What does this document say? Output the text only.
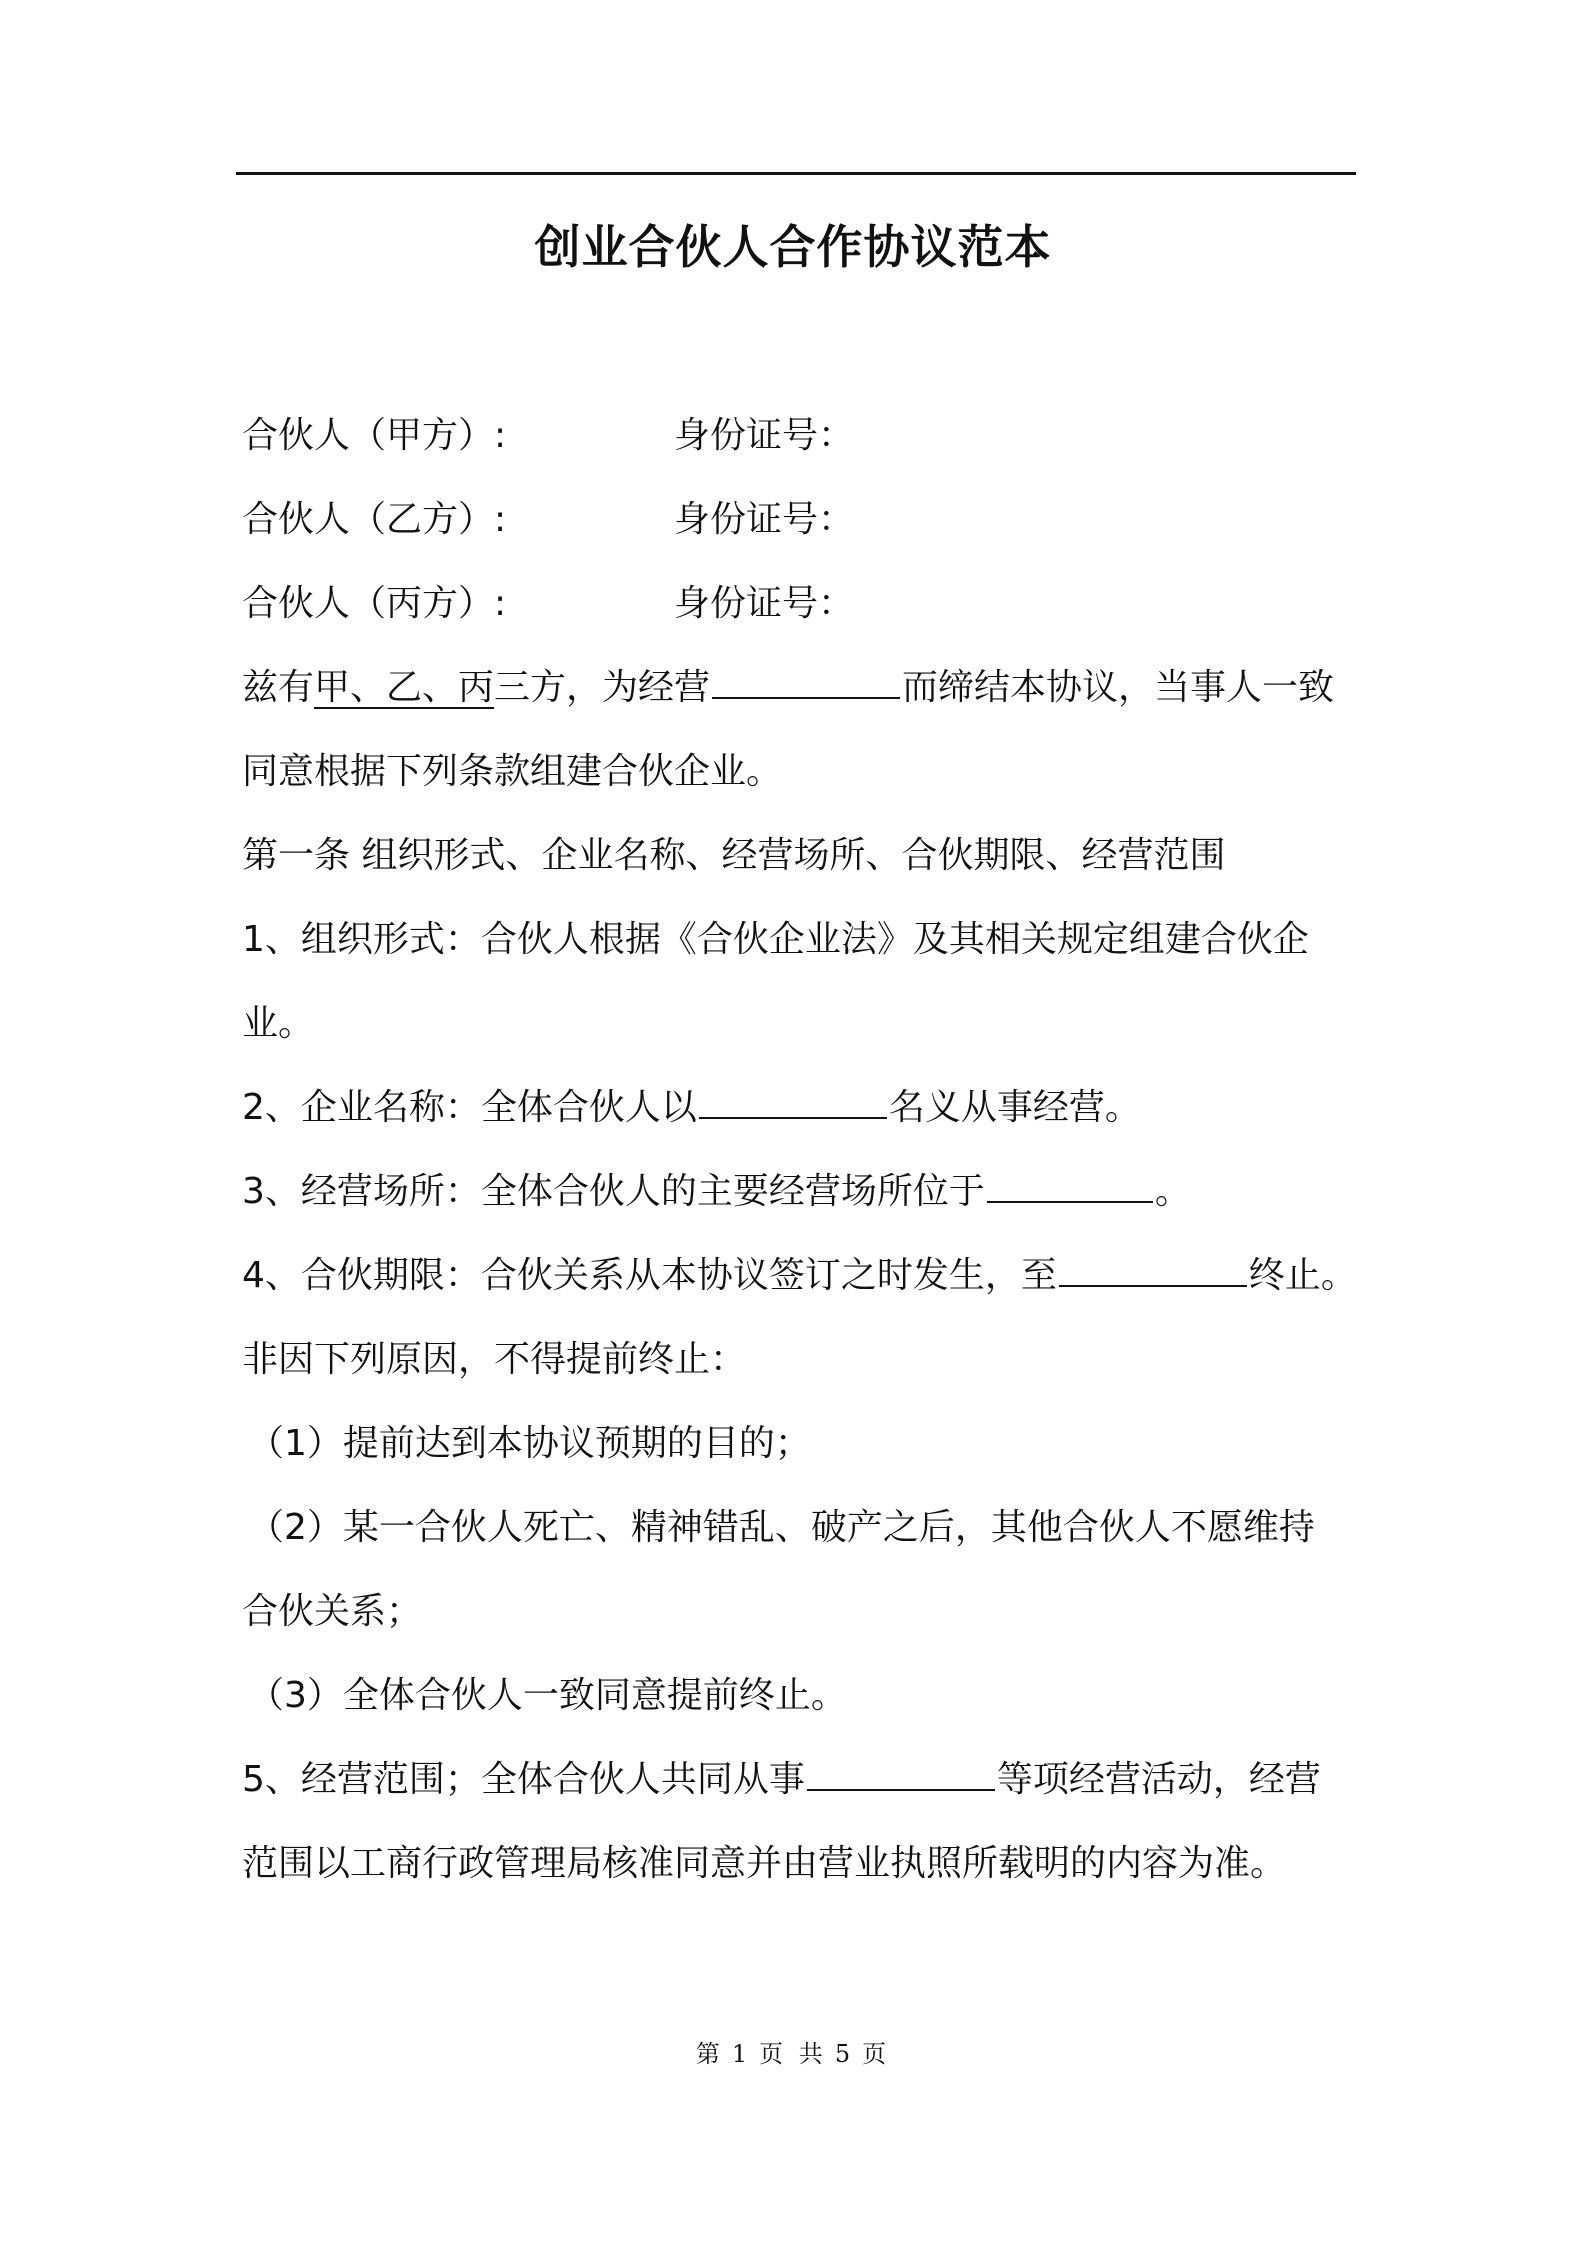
创业合伙人合作协议范本
合伙人（甲方）:	身份证号：
合伙人（乙方）:	身份证号：
合伙人（丙方）:	身份证号：
兹有甲、乙、丙三方，为经营	而缔结本协议，当事人一致
同意根据下列条款组建合伙企业。
第一条 组织形式、企业名称、经营场所、合伙期限、经营范围
1、组织形式：合伙人根据《合伙企业法》及其相关规定组建合伙企
业。
2、企业名称：全体合伙人以	名义从事经营。
3、经营场所：全体合伙人的主要经营场所位于	。
4、合伙期限：合伙关系从本协议签订之时发生，至	终止。
非因下列原因，不得提前终止：
（1）提前达到本协议预期的目的；
（2）某一合伙人死亡、精神错乱、破产之后，其他合伙人不愿维持
合伙关系；
（3）全体合伙人一致同意提前终止。
5、经营范围；全体合伙人共同从事	等项经营活动，经营
范围以工商行政管理局核准同意并由营业执照所载明的内容为准。
第 1 页 共 5 页
